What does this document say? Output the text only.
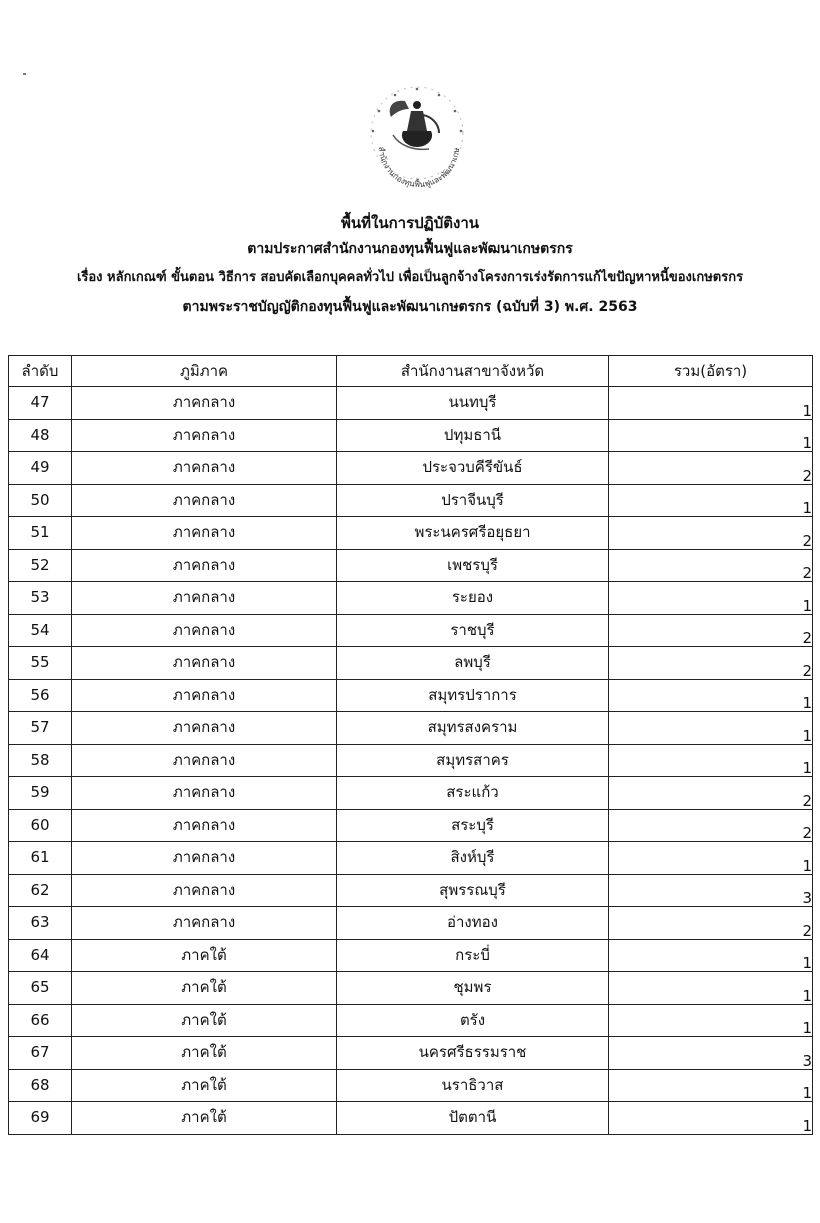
สำนักงานกองทุนฟื้นฟูและพัฒนาเกษ
พื้นที่ในการปฏิบัติงาน
ตามประกาศสำนักงานกองทุนฟื้นฟูและพัฒนาเกษตรกร
เรื่อง หลักเกณฑ์ ขั้นตอน วิธีการ สอบคัดเลือกบุคคลทั่วไป เพื่อเป็นลูกจ้างโครงการเร่งรัดการแก้ไขปัญหาหนี้ของเกษตรกร
ตามพระราชบัญญัติกองทุนฟื้นฟูและพัฒนาเกษตรกร (ฉบับที่ 3) พ.ศ. 2563
ลำดับ	ภูมิภาค	สำนักงานสาขาจังหวัด	รวม(อัตรา)
47	ภาคกลาง	นนทบุรี	1
48	ภาคกลาง	ปทุมธานี	1
49	ภาคกลาง	ประจวบคีรีขันธ์	2
50	ภาคกลาง	ปราจีนบุรี	1
51	ภาคกลาง	พระนครศรีอยุธยา	2
52	ภาคกลาง	เพชรบุรี	2
53	ภาคกลาง	ระยอง	1
54	ภาคกลาง	ราชบุรี	2
55	ภาคกลาง	ลพบุรี	2
56	ภาคกลาง	สมุทรปราการ	1
57	ภาคกลาง	สมุทรสงคราม	1
58	ภาคกลาง	สมุทรสาคร	1
59	ภาคกลาง	สระแก้ว	2
60	ภาคกลาง	สระบุรี	2
61	ภาคกลาง	สิงห์บุรี	1
62	ภาคกลาง	สุพรรณบุรี	3
63	ภาคกลาง	อ่างทอง	2
64	ภาคใต้	กระบี่	1
65	ภาคใต้	ชุมพร	1
66	ภาคใต้	ตรัง	1
67	ภาคใต้	นครศรีธรรมราช	3
68	ภาคใต้	นราธิวาส	1
69	ภาคใต้	ปัตตานี	1
